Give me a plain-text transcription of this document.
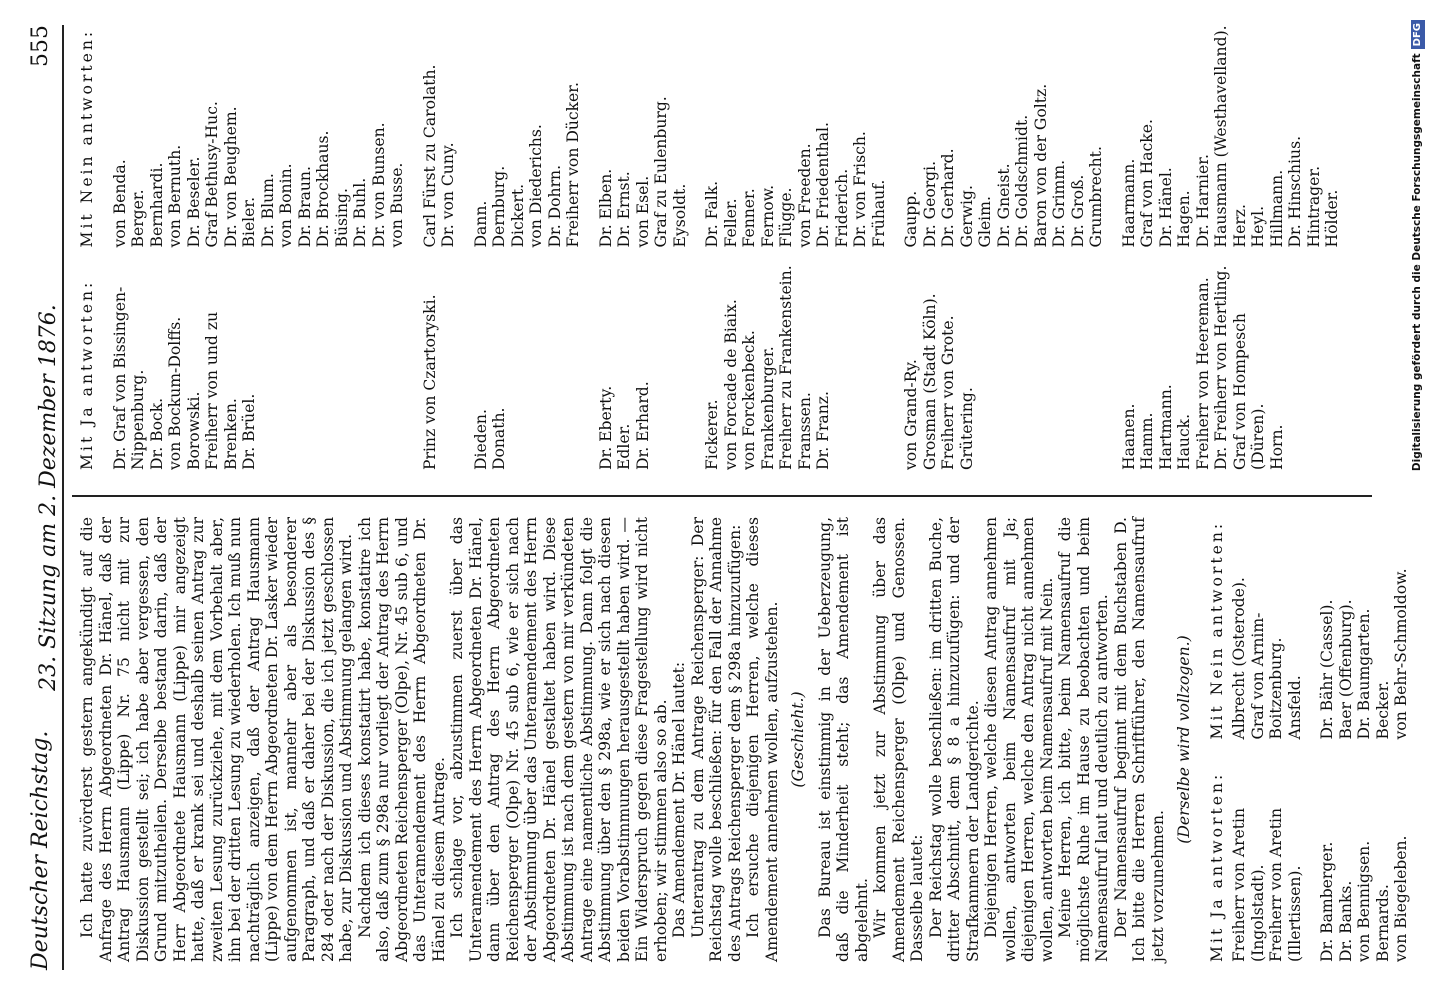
Deutscher Reichstag.
23. Sitzung am 2. Dezember 1876.
555

Ich hatte zuvörderst gestern angekündigt auf die Anfrage des Herrn Abgeordneten Dr. Hänel, daß der Antrag Hausmann (Lippe) Nr. 75 nicht mit zur Diskussion gestellt sei; ich habe aber vergessen, den Grund mitzutheilen. Derselbe bestand darin, daß der Herr Abgeordnete Hausmann (Lippe) mir angezeigt hatte, daß er krank sei und deshalb seinen Antrag zur zweiten Lesung zurückziehe, mit dem Vorbehalt aber, ihn bei der dritten Lesung zu wiederholen. Ich muß nun nachträglich anzeigen, daß der Antrag Hausmann (Lippe) von dem Herrn Abgeordneten Dr. Lasker wieder aufgenommen ist, mannehr aber als besonderer Paragraph, und daß er daher bei der Diskussion des § 284 oder nach der Diskussion, die ich jetzt geschlossen habe, zur Diskussion und Abstimmung gelangen wird. Nachdem ich dieses konstatirt habe, konstatire ich also, daß zum § 298a nur vorliegt der Antrag des Herrn Abgeordneten Reichensperger (Olpe), Nr. 45 sub 6, und das Unteramendement des Herrn Abgeordneten Dr. Hänel zu diesem Antrage. Ich schlage vor, abzustimmen zuerst über das Unteramendement des Herrn Abgeordneten Dr. Hänel, dann über den Antrag des Herrn Abgeordneten Reichensperger (Olpe) Nr. 45 sub 6, wie er sich nach der Abstimmung über das Unteramendement des Herrn Abgeordneten Dr. Hänel gestaltet haben wird. Diese Abstimmung ist nach dem gestern von mir verkündeten Antrage eine namentliche Abstimmung. Dann folgt die Abstimmung über den § 298a, wie er sich nach diesen beiden Vorabstimmungen herausgestellt haben wird. — Ein Widerspruch gegen diese Fragestellung wird nicht erhoben; wir stimmen also so ab. Das Amendement Dr. Hänel lautet: Unterantrag zu dem Antrage Reichensperger: Der Reichstag wolle beschließen: für den Fall der Annahme des Antrags Reichensperger dem § 298a hinzuzufügen: Ich ersuche diejenigen Herren, welche dieses Amendement annehmen wollen, aufzustehen. (Geschieht.) Das Bureau ist einstimmig in der Ueberzeugung, daß die Minderheit steht; das Amendement ist abgelehnt. Wir kommen jetzt zur Abstimmung über das Amendement Reichensperger (Olpe) und Genossen. Dasselbe lautet: Der Reichstag wolle beschließen: im dritten Buche, dritter Abschnitt, dem § 8 a hinzuzufügen: und der Strafkammern der Landgerichte. Diejenigen Herren, welche diesen Antrag annehmen wollen, antworten beim Namensaufruf mit Ja; diejenigen Herren, welche den Antrag nicht annehmen wollen, antworten beim Namensaufruf mit Nein. Meine Herren, ich bitte, beim Namensaufruf die möglichste Ruhe im Hause zu beobachten und beim Namensaufruf laut und deutlich zu antworten. Der Namensaufruf beginnt mit dem Buchstaben D. Ich bitte die Herren Schriftführer, den Namensaufruf jetzt vorzunehmen.

(Derselbe wird vollzogen.)

Mit Ja antworten:
Mit Nein antworten:
Freiherr von Aretin (Ingolstadt). Freiherr von Aretin (Illertissen).
Albrecht (Osterode). Graf von Arnim-Boitzenburg. Ansfeld.
Dr. Bamberger. Dr. Banks. von Bennigsen. Bernards. von Biegeleben.
Dr. Bähr (Cassel). Baer (Offenburg). Dr. Baumgarten. Becker. von Behr-Schmoldow.
Mit Ja antworten:
Mit Nein antworten:
Dr. Graf von Bissingen-Nippenburg. Dr. Bock. von Bockum-Dolffs. Borowski. Freiherr von und zu Brenken. Dr. Brüel.
von Benda. Berger. Bernhardi. von Bernuth. Dr. Beseler. Graf Bethusy-Huc. Dr. von Beughem. Bieler. Dr. Blum. von Bonin. Dr. Braun. Dr. Brockhaus. Büsing. Dr. Buhl. Dr. von Bunsen. von Busse.
Prinz von Czartoryski.
Carl Fürst zu Carolath. Dr. von Cuny.
Dieden. Donath.
Dann. Dernburg. Dickert. von Diederichs. Dr. Dohrn. Freiherr von Dücker.
Dr. Eberty. Edler. Dr. Erhard.
Dr. Elben. Dr. Ernst. von Esel. Graf zu Eulenburg. Eysoldt.
Fickerer. von Forcade de Biaix. von Forckenbeck. Frankenburger. Freiherr zu Frankenstein. Franssen. Dr. Franz.
Dr. Falk. Feller. Fenner. Fernow. Flügge. von Freeden. Dr. Friedenthal. Friderich. Dr. von Frisch. Frühauf.
von Grand-Ry. Grosman (Stadt Köln). Freiherr von Grote. Grütering.
Gaupp. Dr. Georgi. Dr. Gerhard. Gerwig. Gleim. Dr. Gneist. Dr. Goldschmidt. Baron von der Goltz. Dr. Grimm. Dr. Groß. Grumbrecht.
Haanen. Hamm. Hartmann. Hauck. Freiherr von Heereman. Dr. Freiherr von Hertling. Graf von Hompesch (Düren). Horn.
Haarmann. Graf von Hacke. Dr. Hänel. Hagen. Dr. Harnier. Hausmann (Westhavelland). Herz. Heyl. Hillmann. Dr. Hinschius. Hintrager. Hölder.	Digitalisierung gefördert durch die Deutsche ForschungsgemeinschaftDFG
